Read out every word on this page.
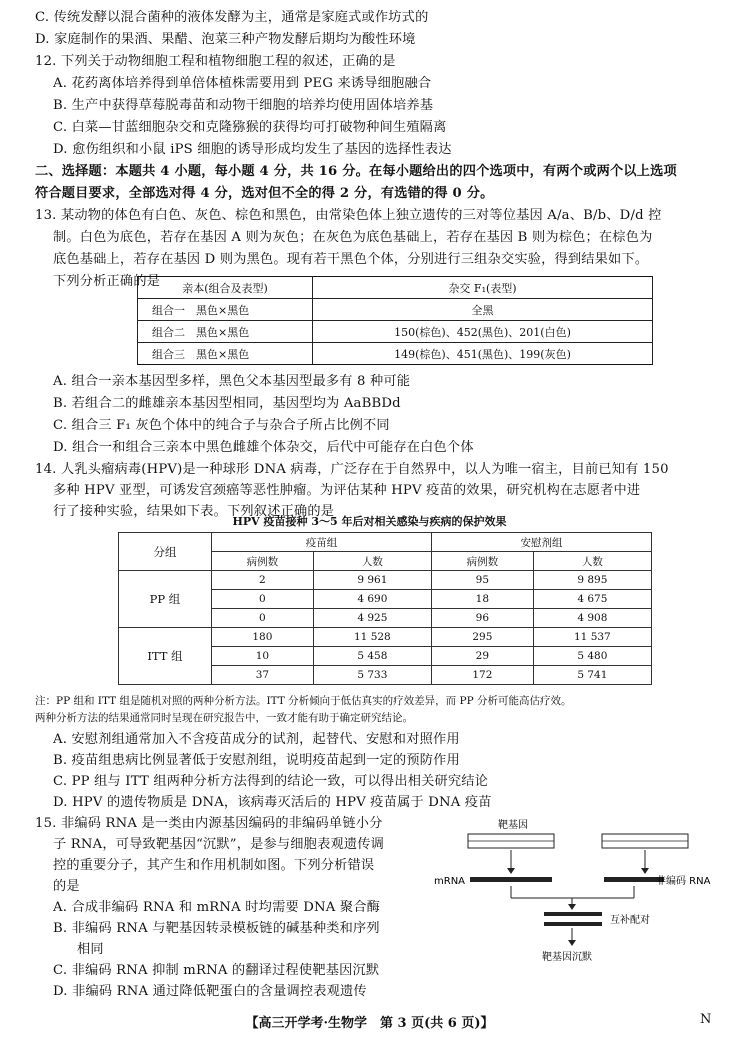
C. 传统发酵以混合菌种的液体发酵为主，通常是家庭式或作坊式的
D. 家庭制作的果酒、果醋、泡菜三种产物发酵后期均为酸性环境
12. 下列关于动物细胞工程和植物细胞工程的叙述，正确的是
A. 花药离体培养得到单倍体植株需要用到 PEG 来诱导细胞融合
B. 生产中获得草莓脱毒苗和动物干细胞的培养均使用固体培养基
C. 白菜—甘蓝细胞杂交和克隆猕猴的获得均可打破物种间生殖隔离
D. 愈伤组织和小鼠 iPS 细胞的诱导形成均发生了基因的选择性表达
二、选择题：本题共 4 小题，每小题 4 分，共 16 分。在每小题给出的四个选项中，有两个或两个以上选项
符合题目要求，全部选对得 4 分，选对但不全的得 2 分，有选错的得 0 分。
13. 某动物的体色有白色、灰色、棕色和黑色，由常染色体上独立遗传的三对等位基因 A/a、B/b、D/d 控
制。白色为底色，若存在基因 A 则为灰色；在灰色为底色基础上，若存在基因 B 则为棕色；在棕色为
底色基础上，若存在基因 D 则为黑色。现有若干黑色个体，分别进行三组杂交实验，得到结果如下。
亲本(组合及表型)	杂交 F₁(表型)
组合一　黑色×黑色	全黑
组合二　黑色×黑色	150(棕色)、452(黑色)、201(白色)
组合三　黑色×黑色	149(棕色)、451(黑色)、199(灰色)
A. 组合一亲本基因型多样，黑色父本基因型最多有 8 种可能
B. 若组合二的雌雄亲本基因型相同，基因型均为 AaBBDd
C. 组合三 F₁ 灰色个体中的纯合子与杂合子所占比例不同
D. 组合一和组合三亲本中黑色雌雄个体杂交，后代中可能存在白色个体
14. 人乳头瘤病毒(HPV)是一种球形 DNA 病毒，广泛存在于自然界中，以人为唯一宿主，目前已知有 150
多种 HPV 亚型，可诱发宫颈癌等恶性肿瘤。为评估某种 HPV 疫苗的效果，研究机构在志愿者中进
HPV 疫苗接种 3～5 年后对相关感染与疾病的保护效果
分组	疫苗组		安慰剂组	
	病例数	人数	病例数	人数
PP 组	2	9 961	95	9 895
	0	4 690	18	4 675
	0	4 925	96	4 908
ITT 组	180	11 528	295	11 537
	10	5 458	29	5 480
	37	5 733	172	5 741
注：PP 组和 ITT 组是随机对照的两种分析方法。ITT 分析倾向于低估真实的疗效差异，而 PP 分析可能高估疗效。
两种分析方法的结果通常同时呈现在研究报告中，一致才能有助于确定研究结论。
A. 安慰剂组通常加入不含疫苗成分的试剂，起替代、安慰和对照作用
B. 疫苗组患病比例显著低于安慰剂组，说明疫苗起到一定的预防作用
C. PP 组与 ITT 组两种分析方法得到的结论一致，可以得出相关研究结论
D. HPV 的遗传物质是 DNA，该病毒灭活后的 HPV 疫苗属于 DNA 疫苗
15. 非编码 RNA 是一类由内源基因编码的非编码单链小分
子 RNA，可导致靶基因“沉默”，是参与细胞表观遗传调
控的重要分子，其产生和作用机制如图。下列分析错误
的是
A. 合成非编码 RNA 和 mRNA 时均需要 DNA 聚合酶
B. 非编码 RNA 与靶基因转录模板链的碱基种类和序列
相同
C. 非编码 RNA 抑制 mRNA 的翻译过程使靶基因沉默
D. 非编码 RNA 通过降低靶蛋白的含量调控表观遗传
靶基因
mRNA	非编码 RNA
互补配对
靶基因沉默
【高三开学考·生物学　第 3 页(共 6 页)】	N
下列分析正确的是
行了接种实验，结果如下表。下列叙述正确的是
